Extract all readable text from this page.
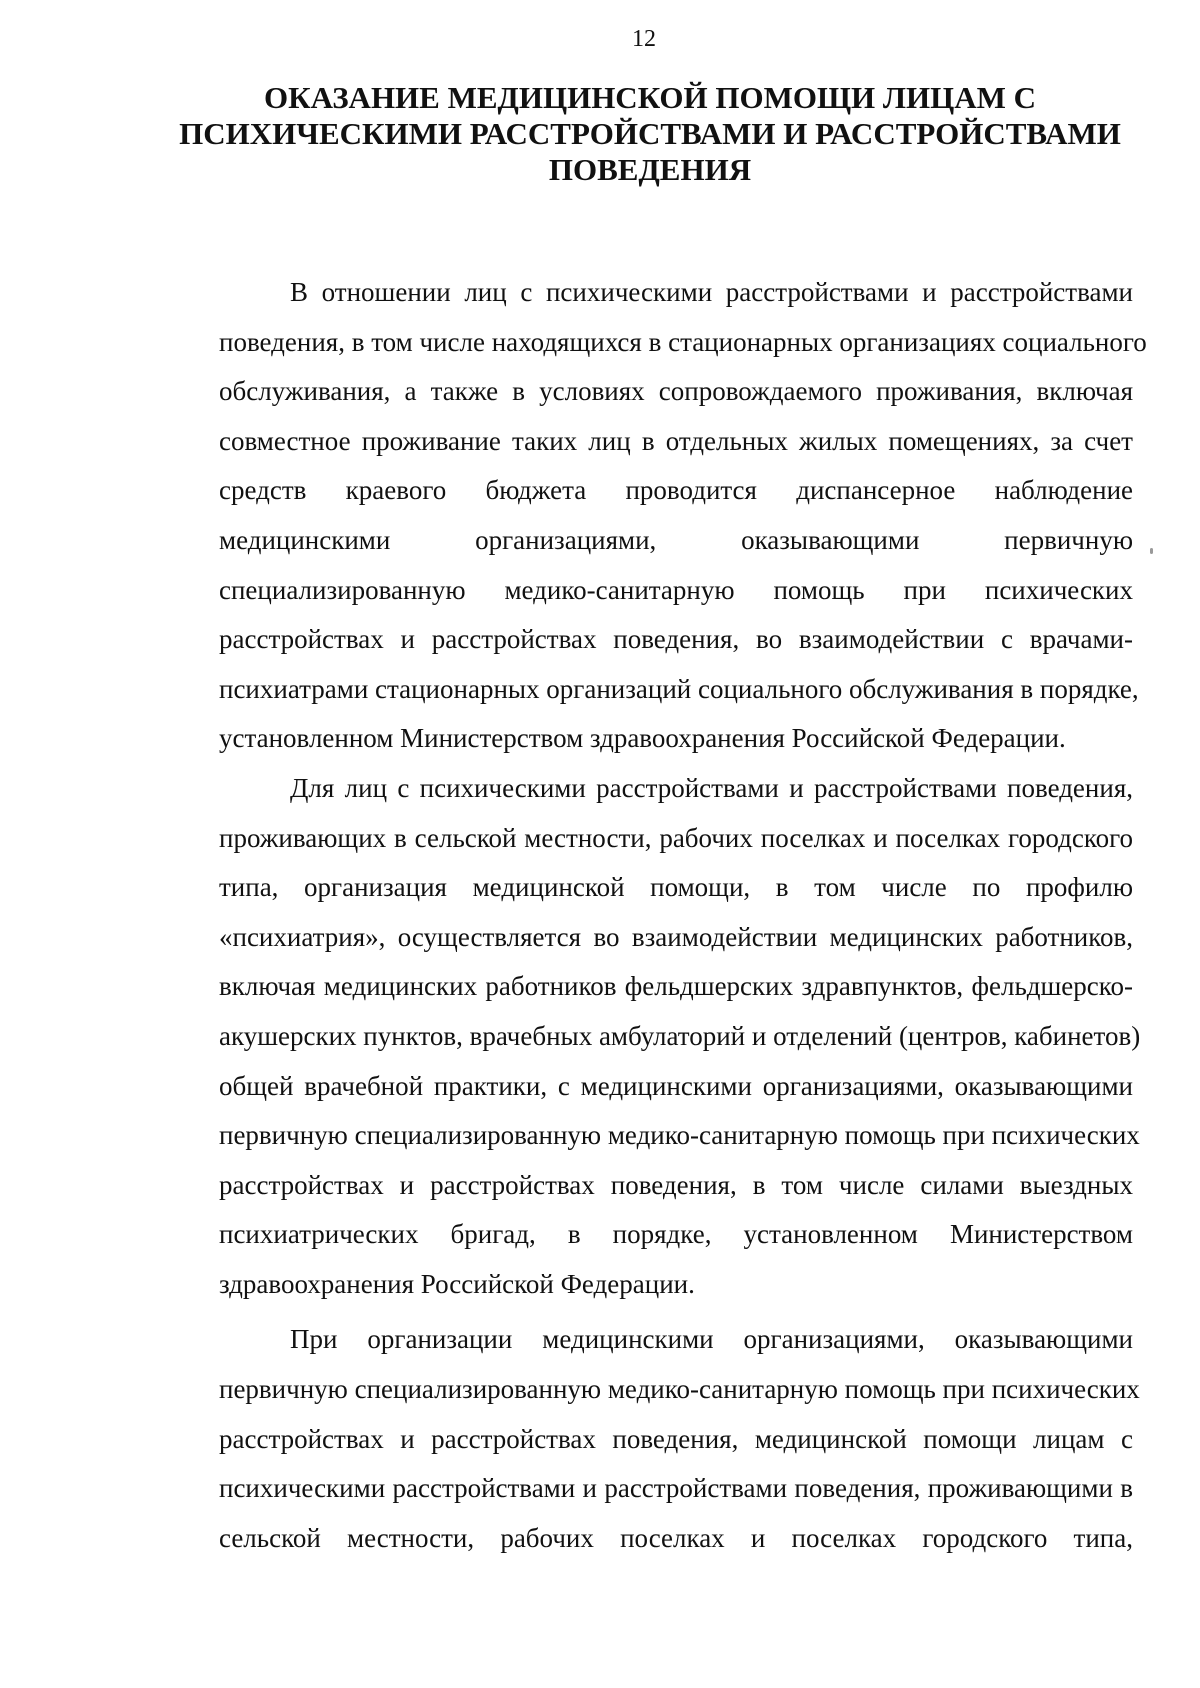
12
ОКАЗАНИЕ МЕДИЦИНСКОЙ ПОМОЩИ ЛИЦАМ С
ПСИХИЧЕСКИМИ РАССТРОЙСТВАМИ И РАССТРОЙСТВАМИ
ПОВЕДЕНИЯ
В отношении лиц с психическими расстройствами и расстройствами
поведения, в том числе находящихся в стационарных организациях социального
обслуживания, а также в условиях сопровождаемого проживания, включая
совместное проживание таких лиц в отдельных жилых помещениях, за счет
средств краевого бюджета проводится диспансерное наблюдение
медицинскими организациями, оказывающими первичную
специализированную медико-санитарную помощь при психических
расстройствах и расстройствах поведения, во взаимодействии с врачами-
психиатрами стационарных организаций социального обслуживания в порядке,
установленном Министерством здравоохранения Российской Федерации.
Для лиц с психическими расстройствами и расстройствами поведения,
проживающих в сельской местности, рабочих поселках и поселках городского
типа, организация медицинской помощи, в том числе по профилю
«психиатрия», осуществляется во взаимодействии медицинских работников,
включая медицинских работников фельдшерских здравпунктов, фельдшерско-
акушерских пунктов, врачебных амбулаторий и отделений (центров, кабинетов)
общей врачебной практики, с медицинскими организациями, оказывающими
первичную специализированную медико-санитарную помощь при психических
расстройствах и расстройствах поведения, в том числе силами выездных
психиатрических бригад, в порядке, установленном Министерством
здравоохранения Российской Федерации.
При организации медицинскими организациями, оказывающими
первичную специализированную медико-санитарную помощь при психических
расстройствах и расстройствах поведения, медицинской помощи лицам с
психическими расстройствами и расстройствами поведения, проживающими в
сельской местности, рабочих поселках и поселках городского типа,
